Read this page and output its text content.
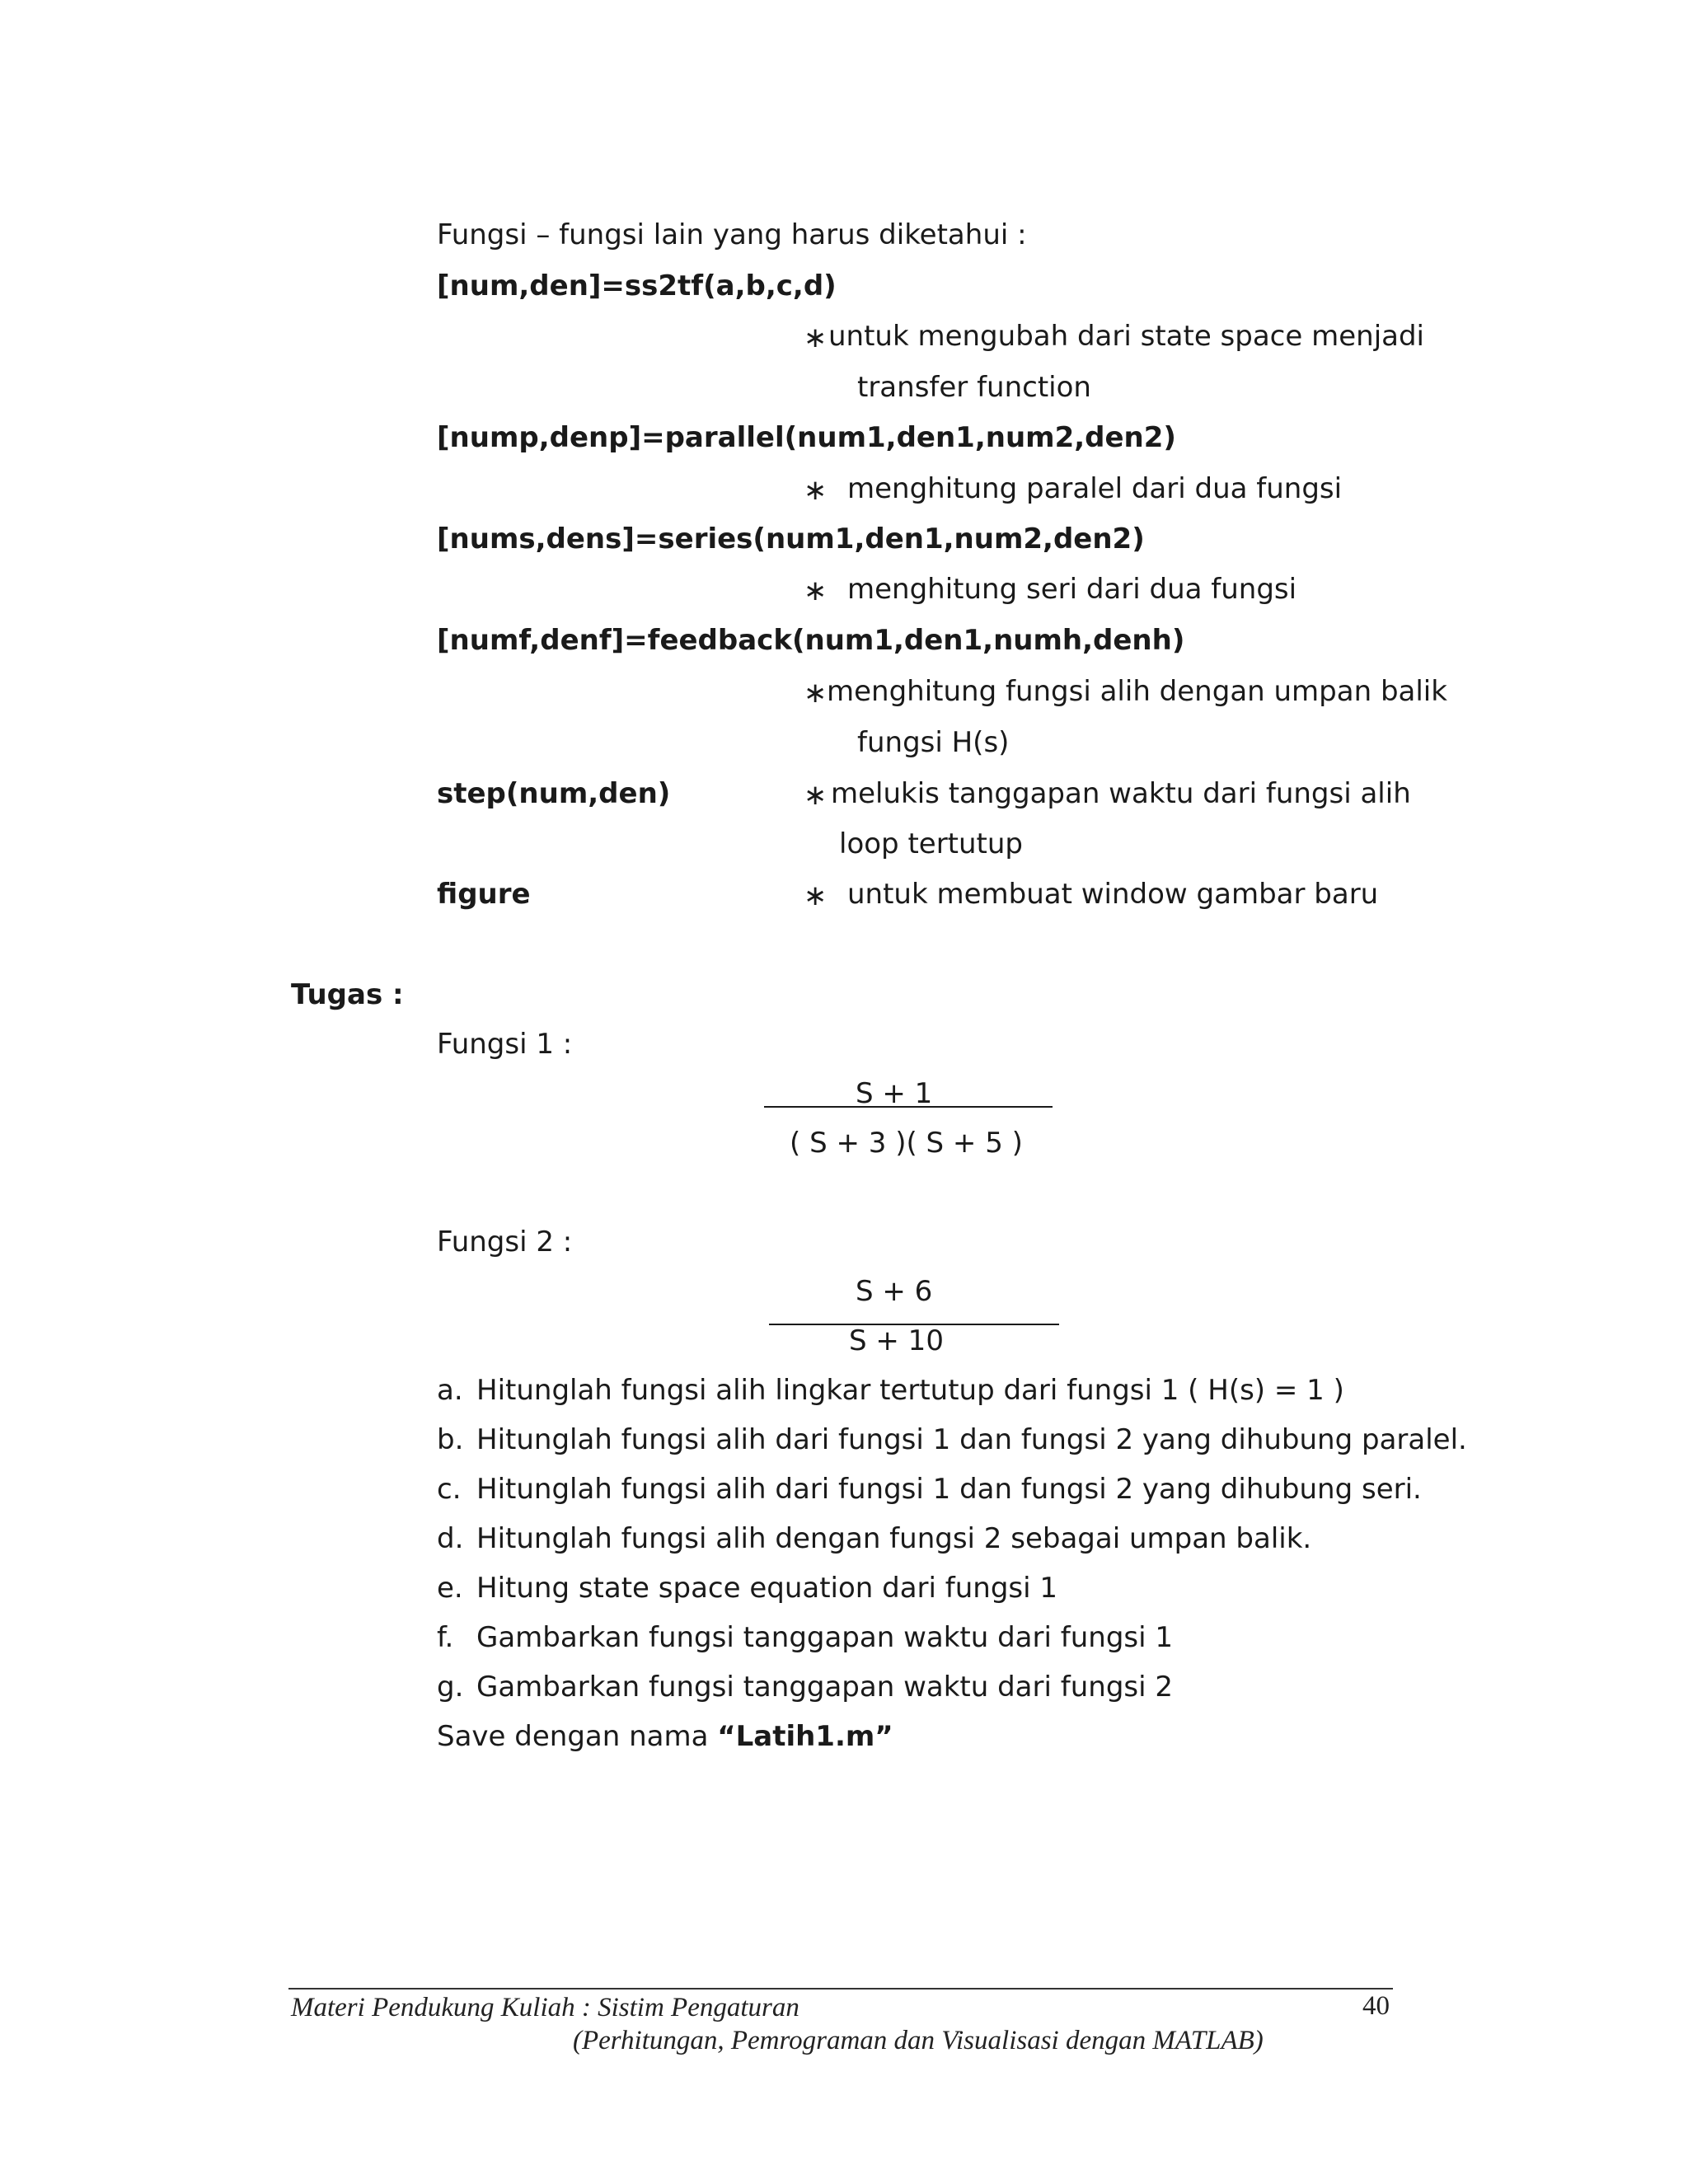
Fungsi – fungsi lain yang harus diketahui :
[num,den]=ss2tf(a,b,c,d)
∗ untuk mengubah dari state space menjadi
transfer function
[nump,denp]=parallel(num1,den1,num2,den2)
∗ menghitung paralel dari dua fungsi
[nums,dens]=series(num1,den1,num2,den2)
∗ menghitung seri dari dua fungsi
[numf,denf]=feedback(num1,den1,numh,denh)
∗ menghitung fungsi alih dengan umpan balik
fungsi H(s)
step(num,den)	∗ melukis tanggapan waktu dari fungsi alih
loop tertutup
figure	∗ untuk membuat window gambar baru
Tugas :
Fungsi 1 :
S + 1
( S + 3 )( S + 5 )
Fungsi 2 :
S + 6
S + 10
a. Hitunglah fungsi alih lingkar tertutup dari fungsi 1 ( H(s) = 1 )
b. Hitunglah fungsi alih dari fungsi 1 dan fungsi 2 yang dihubung paralel.
c. Hitunglah fungsi alih dari fungsi 1 dan fungsi 2 yang dihubung seri.
d. Hitunglah fungsi alih dengan fungsi 2 sebagai umpan balik.
e. Hitung state space equation dari fungsi 1
f. Gambarkan fungsi tanggapan waktu dari fungsi 1
g. Gambarkan fungsi tanggapan waktu dari fungsi 2
Save dengan nama “Latih1.m”
Materi Pendukung Kuliah : Sistim Pengaturan
(Perhitungan, Pemrograman dan Visualisasi dengan MATLAB)
40
